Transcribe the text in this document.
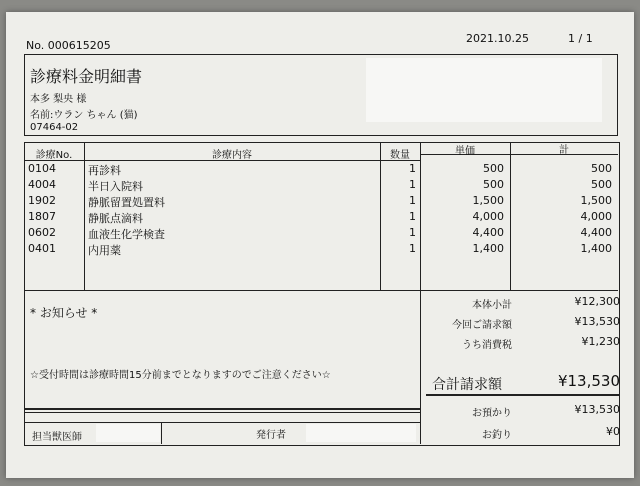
No. 000615205
2021.10.25	1 / 1
診療料金明細書
本多 梨央 様
名前:ウラン ちゃん (猫)
07464-02
診療No.	診療内容	数量	単価	計
0104	再診料	1	500	500
4004	半日入院料	1	500	500
1902	静脈留置処置料	1	1,500	1,500
1807	静脈点滴料	1	4,000	4,000
0602	血液生化学検査	1	4,400	4,400
0401	内用薬	1	1,400	1,400
* お知らせ *
☆受付時間は診療時間15分前までとなりますのでご注意ください☆
担当獣医師	発行者
本体小計	¥12,300
今回ご請求額	¥13,530
うち消費税	¥1,230
合計請求額	¥13,530
お預かり	¥13,530
お釣り	¥0
